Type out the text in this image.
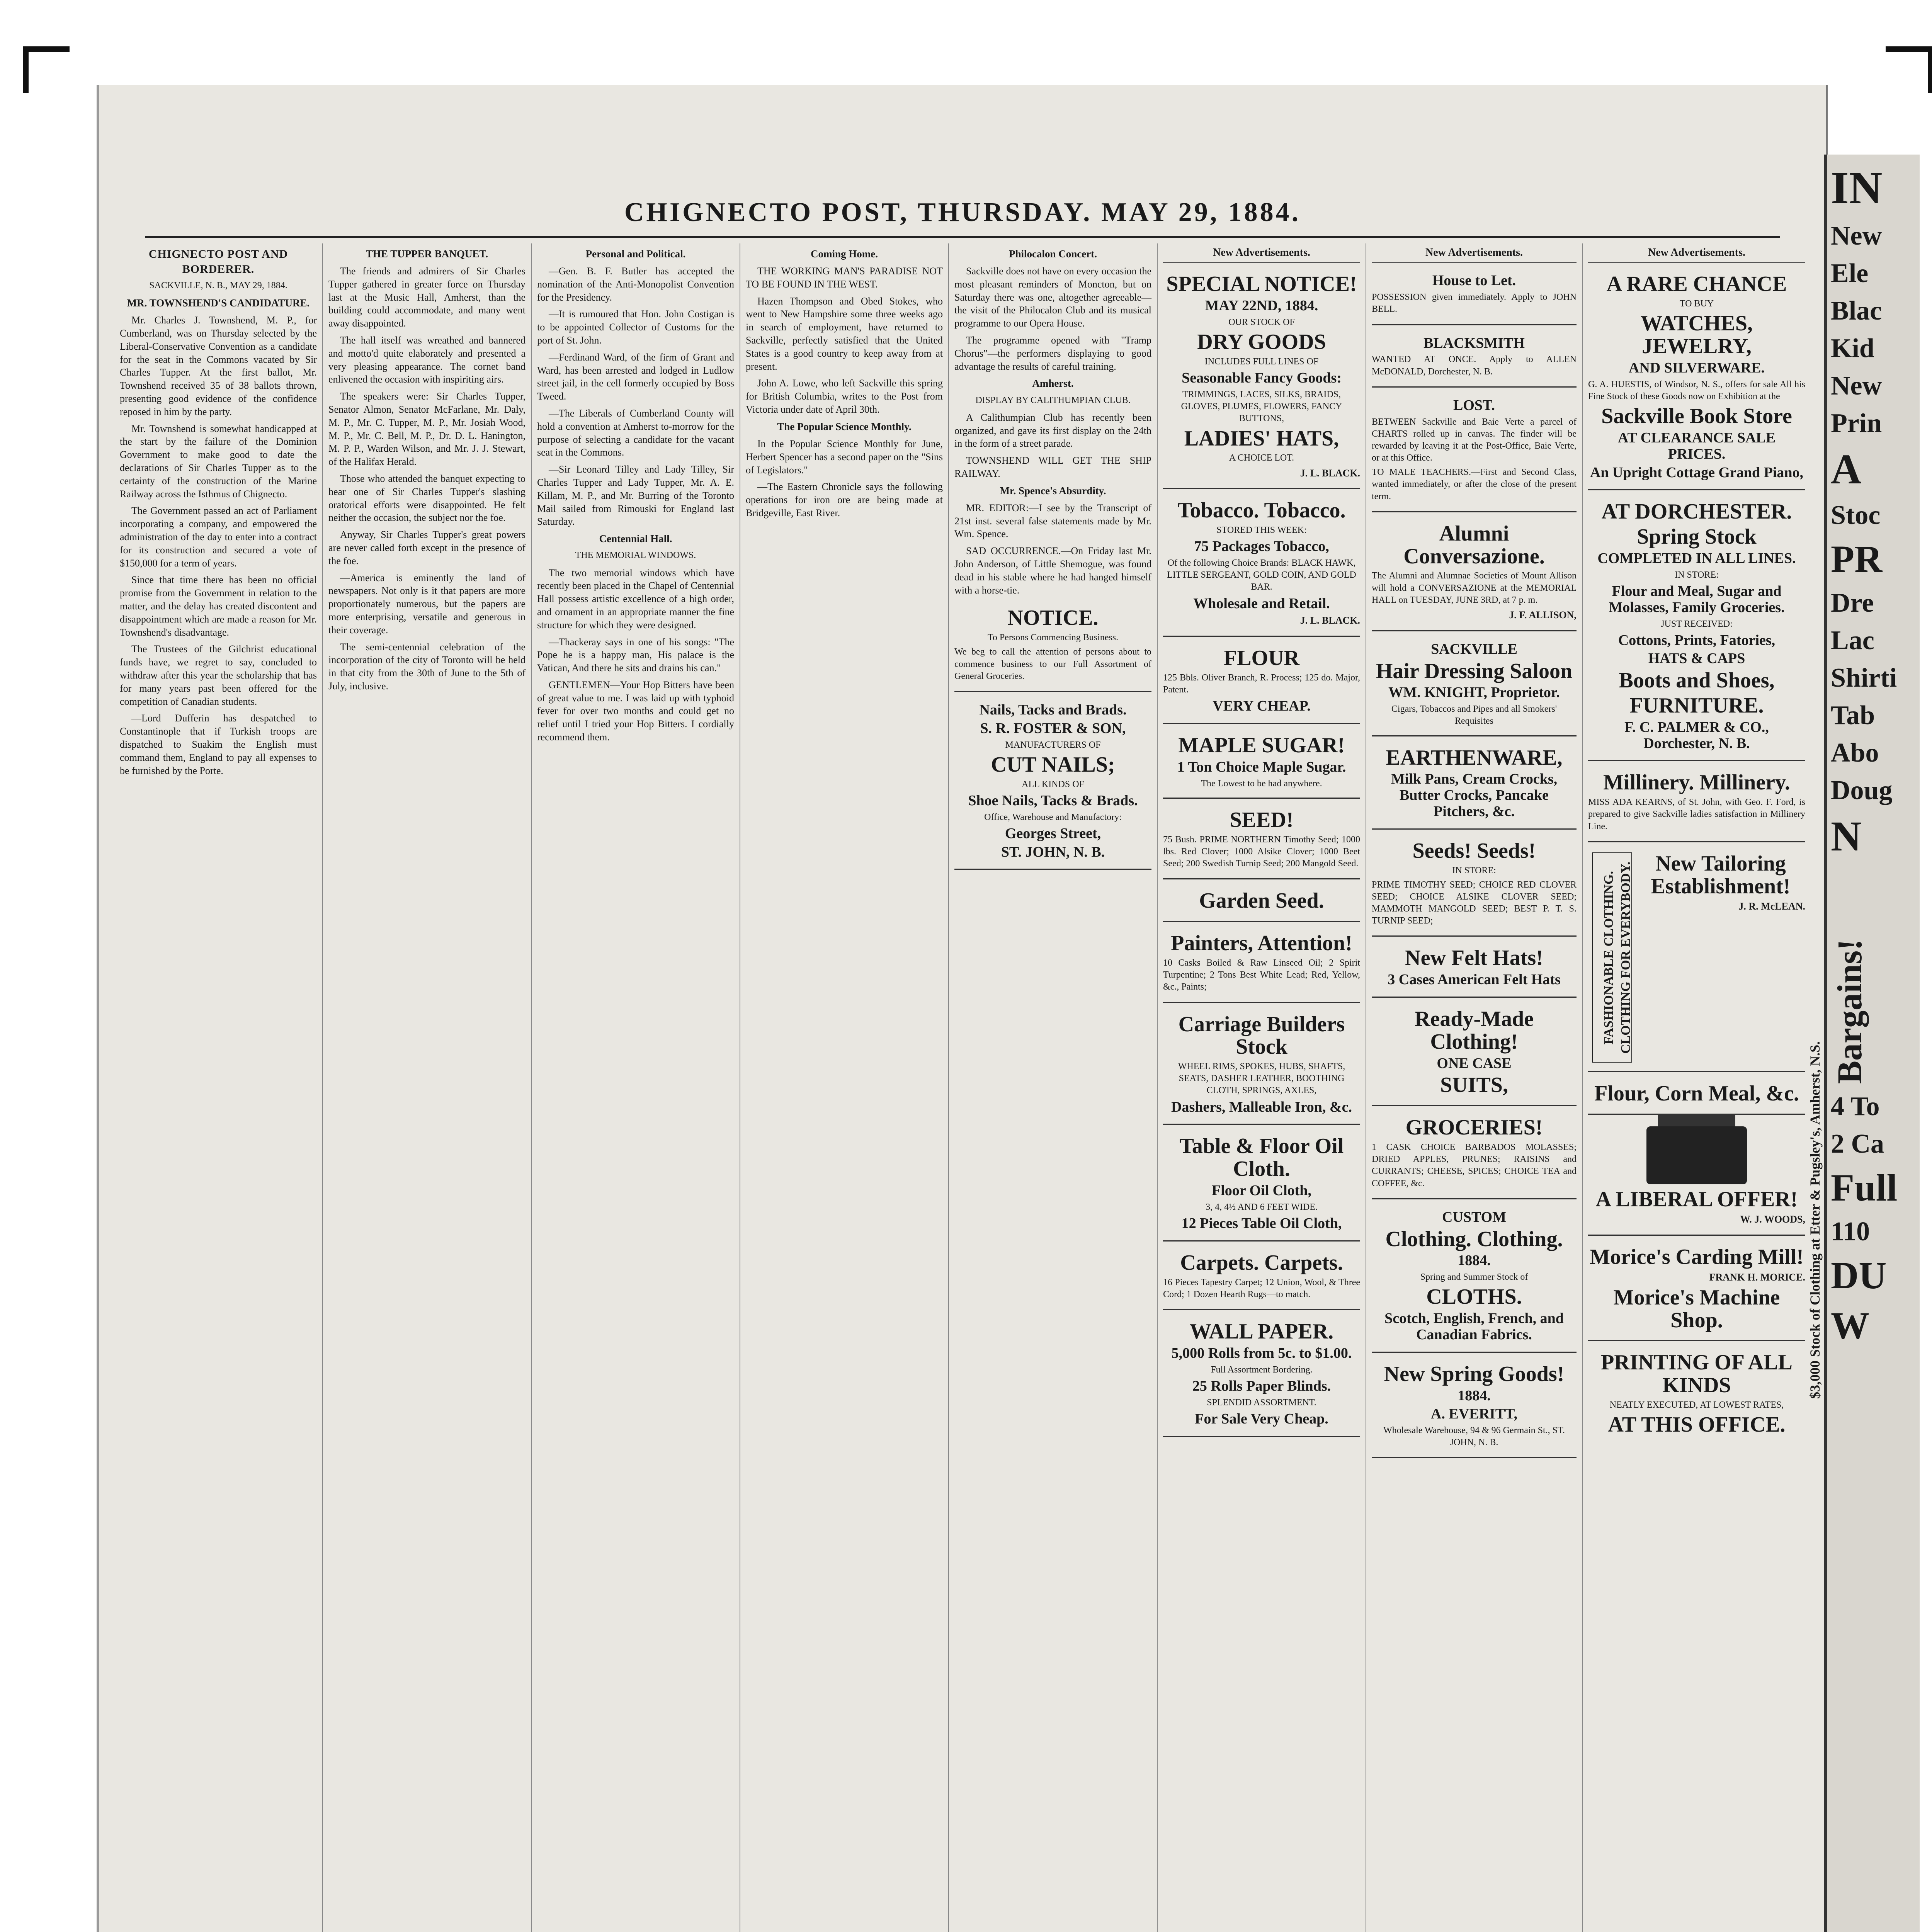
CHIGNECTO POST, THURSDAY. MAY 29, 1884.
CHIGNECTO POST AND BORDERER.
SACKVILLE, N. B., MAY 29, 1884.
MR. TOWNSHEND'S CANDIDATURE.

Mr. Charles J. Townshend, M. P., for Cumberland, was on Thursday selected by the Liberal-Conservative Convention as a candidate for the seat in the Commons vacated by Sir Charles Tupper. At the first ballot, Mr. Townshend received 35 of 38 ballots thrown, presenting good evidence of the confidence reposed in him by the party.

Mr. Townshend is somewhat handicapped at the start by the failure of the Dominion Government to make good to date the declarations of Sir Charles Tupper as to the certainty of the construction of the Marine Railway across the Isthmus of Chignecto.

The Government passed an act of Parliament incorporating a company, and empowered the administration of the day to enter into a contract for its construction and secured a vote of $150,000 for a term of years.

Since that time there has been no official promise from the Government in relation to the matter, and the delay has created discontent and disappointment which are made a reason for Mr. Townshend's disadvantage.

The Trustees of the Gilchrist educational funds have, we regret to say, concluded to withdraw after this year the scholarship that has for many years past been offered for the competition of Canadian students.

—Lord Dufferin has despatched to Constantinople that if Turkish troops are dispatched to Suakim the English must command them, England to pay all expenses to be furnished by the Porte.

THE TUPPER BANQUET.

The friends and admirers of Sir Charles Tupper gathered in greater force on Thursday last at the Music Hall, Amherst, than the building could accommodate, and many went away disappointed.

The hall itself was wreathed and bannered and motto'd quite elaborately and presented a very pleasing appearance. The cornet band enlivened the occasion with inspiriting airs.

The speakers were: Sir Charles Tupper, Senator Almon, Senator McFarlane, Mr. Daly, M. P., Mr. C. Tupper, M. P., Mr. Josiah Wood, M. P., Mr. C. Bell, M. P., Dr. D. L. Hanington, M. P. P., Warden Wilson, and Mr. J. J. Stewart, of the Halifax Herald.

Those who attended the banquet expecting to hear one of Sir Charles Tupper's slashing oratorical efforts were disappointed. He felt neither the occasion, the subject nor the foe.

Anyway, Sir Charles Tupper's great powers are never called forth except in the presence of the foe.

—America is eminently the land of newspapers. Not only is it that papers are more proportionately numerous, but the papers are more enterprising, versatile and generous in their coverage.

The semi-centennial celebration of the incorporation of the city of Toronto will be held in that city from the 30th of June to the 5th of July, inclusive.

Personal and Political.

—Gen. B. F. Butler has accepted the nomination of the Anti-Monopolist Convention for the Presidency.

—It is rumoured that Hon. John Costigan is to be appointed Collector of Customs for the port of St. John.

—Ferdinand Ward, of the firm of Grant and Ward, has been arrested and lodged in Ludlow street jail, in the cell formerly occupied by Boss Tweed.

—The Liberals of Cumberland County will hold a convention at Amherst to-morrow for the purpose of selecting a candidate for the vacant seat in the Commons.

—Sir Leonard Tilley and Lady Tilley, Sir Charles Tupper and Lady Tupper, Mr. A. E. Killam, M. P., and Mr. Burring of the Toronto Mail sailed from Rimouski for England last Saturday.

Centennial Hall.
THE MEMORIAL WINDOWS.

The two memorial windows which have recently been placed in the Chapel of Centennial Hall possess artistic excellence of a high order, and ornament in an appropriate manner the fine structure for which they were designed.

—Thackeray says in one of his songs: "The Pope he is a happy man, His palace is the Vatican, And there he sits and drains his can."

GENTLEMEN—Your Hop Bitters have been of great value to me. I was laid up with typhoid fever for over two months and could get no relief until I tried your Hop Bitters. I cordially recommend them.

Coming Home.

THE WORKING MAN'S PARADISE NOT TO BE FOUND IN THE WEST.

Hazen Thompson and Obed Stokes, who went to New Hampshire some three weeks ago in search of employment, have returned to Sackville, perfectly satisfied that the United States is a good country to keep away from at present.

John A. Lowe, who left Sackville this spring for British Columbia, writes to the Post from Victoria under date of April 30th.

The Popular Science Monthly.

In the Popular Science Monthly for June, Herbert Spencer has a second paper on the "Sins of Legislators."

—The Eastern Chronicle says the following operations for iron ore are being made at Bridgeville, East River.

Philocalon Concert.

Sackville does not have on every occasion the most pleasant reminders of Moncton, but on Saturday there was one, altogether agreeable—the visit of the Philocalon Club and its musical programme to our Opera House.

The programme opened with "Tramp Chorus"—the performers displaying to good advantage the results of careful training.

Amherst.
DISPLAY BY CALITHUMPIAN CLUB.

A Calithumpian Club has recently been organized, and gave its first display on the 24th in the form of a street parade.

TOWNSHEND WILL GET THE SHIP RAILWAY.

Mr. Spence's Absurdity.

MR. EDITOR:—I see by the Transcript of 21st inst. several false statements made by Mr. Wm. Spence.

SAD OCCURRENCE.—On Friday last Mr. John Anderson, of Little Shemogue, was found dead in his stable where he had hanged himself with a horse-tie.

NOTICE.
To Persons Commencing Business.
We beg to call the attention of persons about to commence business to our Full Assortment of General Groceries.
Nails, Tacks and Brads.
S. R. FOSTER & SON,
MANUFACTURERS OF
CUT NAILS;
ALL KINDS OF
Shoe Nails, Tacks & Brads.
Office, Warehouse and Manufactory:
Georges Street,
ST. JOHN, N. B.
New Advertisements.
SPECIAL NOTICE!
MAY 22ND, 1884.
OUR STOCK OF
DRY GOODS
INCLUDES FULL LINES OF
Seasonable Fancy Goods:
TRIMMINGS, LACES, SILKS, BRAIDS, GLOVES, PLUMES, FLOWERS, FANCY BUTTONS,
LADIES' HATS,
A CHOICE LOT.
J. L. BLACK.
Tobacco. Tobacco.
STORED THIS WEEK:
75 Packages Tobacco,
Of the following Choice Brands: BLACK HAWK, LITTLE SERGEANT, GOLD COIN, AND GOLD BAR.
Wholesale and Retail.
J. L. BLACK.
FLOUR
125 Bbls. Oliver Branch, R. Process; 125 do. Major, Patent.
VERY CHEAP.
MAPLE SUGAR!
1 Ton Choice Maple Sugar.
The Lowest to be had anywhere.
SEED!
75 Bush. PRIME NORTHERN Timothy Seed; 1000 lbs. Red Clover; 1000 Alsike Clover; 1000 Beet Seed; 200 Swedish Turnip Seed; 200 Mangold Seed.
Garden Seed.
Painters, Attention!
10 Casks Boiled & Raw Linseed Oil; 2 Spirit Turpentine; 2 Tons Best White Lead; Red, Yellow, &c., Paints;
Carriage Builders Stock
WHEEL RIMS, SPOKES, HUBS, SHAFTS, SEATS, DASHER LEATHER, BOOTHING CLOTH, SPRINGS, AXLES,
Dashers, Malleable Iron, &c.
Table & Floor Oil Cloth.
Floor Oil Cloth,
3, 4, 4½ AND 6 FEET WIDE.
12 Pieces Table Oil Cloth,
Carpets. Carpets.
16 Pieces Tapestry Carpet; 12 Union, Wool, & Three Cord; 1 Dozen Hearth Rugs—to match.
WALL PAPER.
5,000 Rolls from 5c. to $1.00.
Full Assortment Bordering.
25 Rolls Paper Blinds.
SPLENDID ASSORTMENT.
For Sale Very Cheap.
New Advertisements.
House to Let.
POSSESSION given immediately. Apply to JOHN BELL.
BLACKSMITH
WANTED AT ONCE. Apply to ALLEN McDONALD, Dorchester, N. B.
LOST.
BETWEEN Sackville and Baie Verte a parcel of CHARTS rolled up in canvas. The finder will be rewarded by leaving it at the Post-Office, Baie Verte, or at this Office.
TO MALE TEACHERS.—First and Second Class, wanted immediately, or after the close of the present term.
Alumni Conversazione.
The Alumni and Alumnae Societies of Mount Allison will hold a CONVERSAZIONE at the MEMORIAL HALL on TUESDAY, JUNE 3RD, at 7 p. m.
J. F. ALLISON,
SACKVILLE
Hair Dressing Saloon
WM. KNIGHT, Proprietor.
Cigars, Tobaccos and Pipes and all Smokers' Requisites
EARTHENWARE,
Milk Pans, Cream Crocks, Butter Crocks, Pancake Pitchers, &c.
Seeds! Seeds!
IN STORE:
PRIME TIMOTHY SEED; CHOICE RED CLOVER SEED; CHOICE ALSIKE CLOVER SEED; MAMMOTH MANGOLD SEED; BEST P. T. S. TURNIP SEED;
New Felt Hats!
3 Cases American Felt Hats
Ready-Made Clothing!
ONE CASE
SUITS,
GROCERIES!
1 CASK CHOICE BARBADOS MOLASSES; DRIED APPLES, PRUNES; RAISINS and CURRANTS; CHEESE, SPICES; CHOICE TEA and COFFEE, &c.
CUSTOM
Clothing. Clothing.
1884.
Spring and Summer Stock of
CLOTHS.
Scotch, English, French, and Canadian Fabrics.
New Spring Goods!
1884.
A. EVERITT,
Wholesale Warehouse, 94 & 96 Germain St., ST. JOHN, N. B.
New Advertisements.
A RARE CHANCE
TO BUY
WATCHES, JEWELRY,
AND SILVERWARE.
G. A. HUESTIS, of Windsor, N. S., offers for sale All his Fine Stock of these Goods now on Exhibition at the
Sackville Book Store
AT CLEARANCE SALE PRICES.
An Upright Cottage Grand Piano,
AT DORCHESTER.
Spring Stock
COMPLETED IN ALL LINES.
IN STORE:
Flour and Meal, Sugar and Molasses, Family Groceries.
JUST RECEIVED:
Cottons, Prints, Fatories,
HATS & CAPS
Boots and Shoes,
FURNITURE.
F. C. PALMER & CO., Dorchester, N. B.
Millinery. Millinery.
MISS ADA KEARNS, of St. John, with Geo. F. Ford, is prepared to give Sackville ladies satisfaction in Millinery Line.
FASHIONABLE CLOTHING. CLOTHING FOR EVERYBODY.	New Tailoring Establishment!
J. R. McLEAN.
Flour, Corn Meal, &c.
A LIBERAL OFFER!
W. J. WOODS,
Morice's Carding Mill!
FRANK H. MORICE.
Morice's Machine Shop.
PRINTING OF ALL KINDS
NEATLY EXECUTED, AT LOWEST RATES,
AT THIS OFFICE.
$3,000 Stock of Clothing at Etter & Pugsley's, Amherst, N.S.
IN
New
Ele
Blac
Kid
New
Prin
A
Stoc
PR
Dre
Lac
Shirti
Tab
Abo
Doug
N
Bargains!
4 To
2 Ca
Full
110
DU
W
